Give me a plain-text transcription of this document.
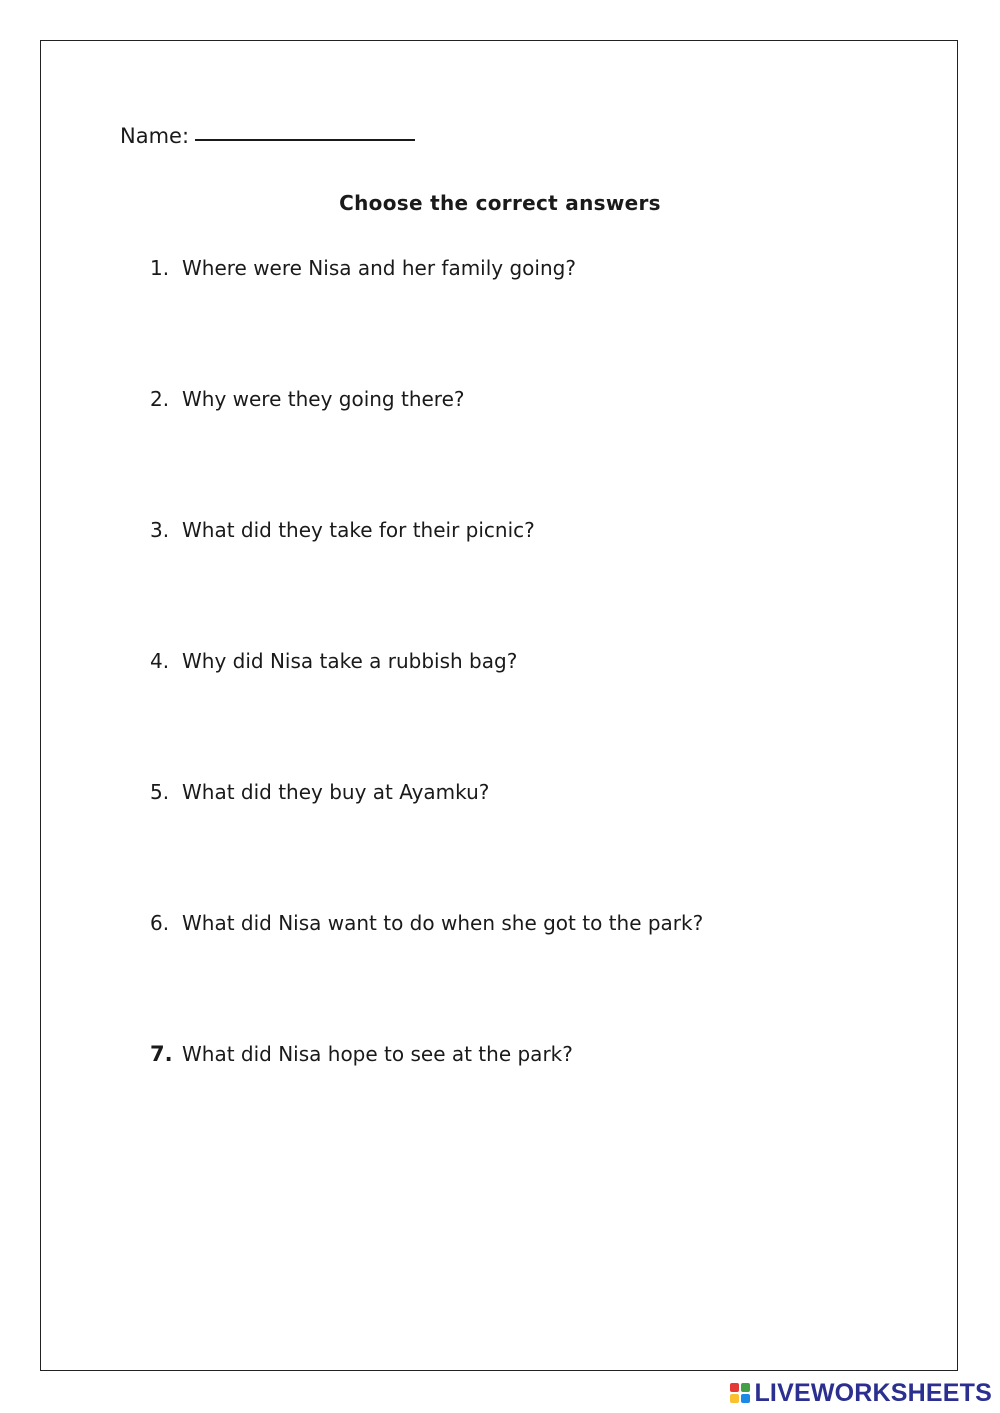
Name:
Choose the correct answers
1. Where were Nisa and her family going?
2. Why were they going there?
3. What did they take for their picnic?
4. Why did Nisa take a rubbish bag?
5. What did they buy at Ayamku?
6. What did Nisa want to do when she got to the park?
7. What did Nisa hope to see at the park?
LIVEWORKSHEETS
